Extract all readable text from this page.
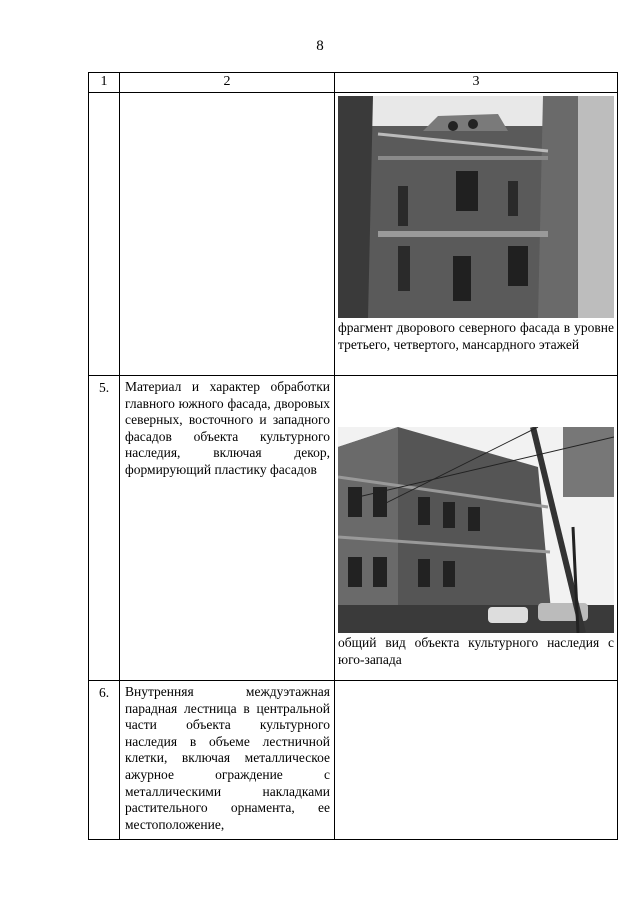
8
1	2	3

		фрагмент дворового северного фасада в уровне третьего, четвертого, мансардного этажей

5.	Материал и характер обработки главного южного фасада, дворовых северных, восточного и западного фасадов объекта культурного наследия, включая декор, формирующий пластику фасадов	общий вид объекта культурного наследия с юго-запада

6.	Внутренняя междуэтажная парадная лестница в центральной части объекта культурного наследия в объеме лестничной клетки, включая металлическое ажурное ограждение с металлическими накладками растительного орнамента, ее местоположение,	
